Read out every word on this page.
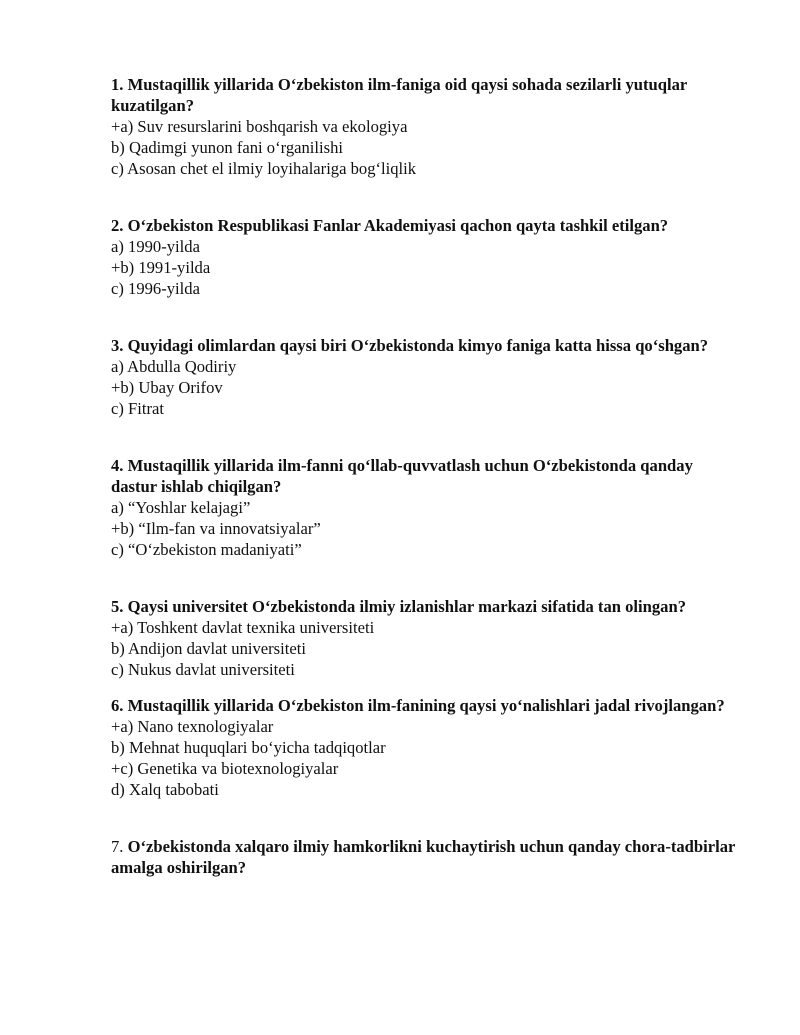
1. Mustaqillik yillarida O‘zbekiston ilm-faniga oid qaysi sohada sezilarli yutuqlar kuzatilgan?

+a) Suv resurslarini boshqarish va ekologiya

b) Qadimgi yunon fani o‘rganilishi

c) Asosan chet el ilmiy loyihalariga bog‘liqlik

2. O‘zbekiston Respublikasi Fanlar Akademiyasi qachon qayta tashkil etilgan?

a) 1990-yilda

+b) 1991-yilda

c) 1996-yilda

3. Quyidagi olimlardan qaysi biri O‘zbekistonda kimyo faniga katta hissa qo‘shgan?

a) Abdulla Qodiriy

+b) Ubay Orifov

c) Fitrat

4. Mustaqillik yillarida ilm-fanni qo‘llab-quvvatlash uchun O‘zbekistonda qanday dastur ishlab chiqilgan?

a) “Yoshlar kelajagi”

+b) “Ilm-fan va innovatsiyalar”

c) “O‘zbekiston madaniyati”

5. Qaysi universitet O‘zbekistonda ilmiy izlanishlar markazi sifatida tan olingan?

+a) Toshkent davlat texnika universiteti

b) Andijon davlat universiteti

c) Nukus davlat universiteti

6. Mustaqillik yillarida O‘zbekiston ilm-fanining qaysi yo‘nalishlari jadal rivojlangan?

+a) Nano texnologiyalar

b) Mehnat huquqlari bo‘yicha tadqiqotlar

+c) Genetika va biotexnologiyalar

d) Xalq tabobati

7. O‘zbekistonda xalqaro ilmiy hamkorlikni kuchaytirish uchun qanday chora-tadbirlar amalga oshirilgan?
